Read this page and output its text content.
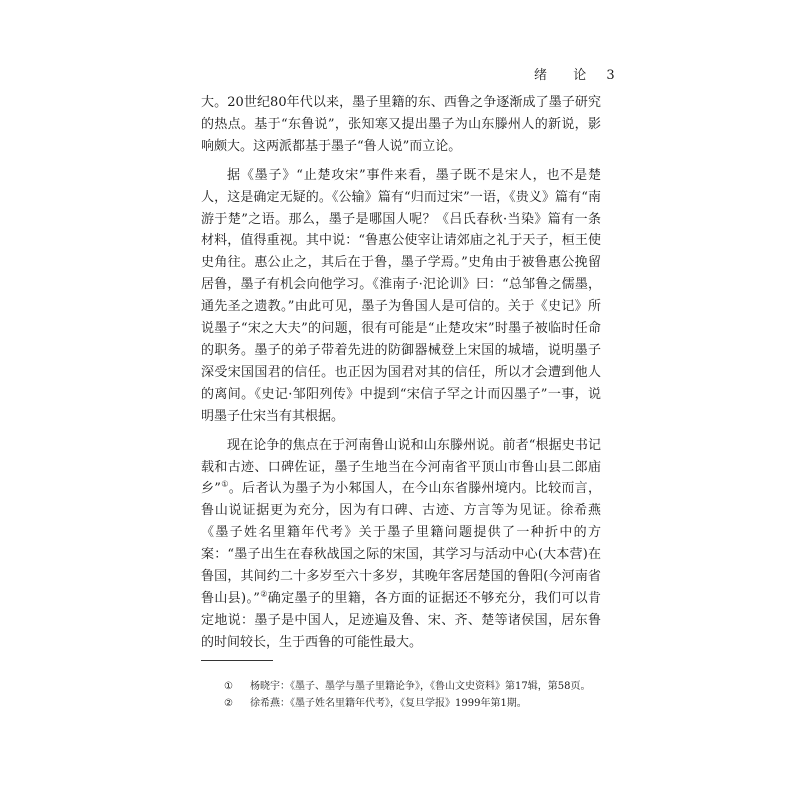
绪  论 3

大。20世纪80年代以来，墨子里籍的东、西鲁之争逐渐成了墨子研究的热点。基于“东鲁说”，张知寒又提出墨子为山东滕州人的新说，影响颇大。这两派都基于墨子“鲁人说”而立论。

据《墨子》“止楚攻宋”事件来看，墨子既不是宋人，也不是楚人，这是确定无疑的。《公输》篇有“归而过宋”一语，《贵义》篇有“南游于楚”之语。那么，墨子是哪国人呢？《吕氏春秋·当染》篇有一条材料，值得重视。其中说：“鲁惠公使宰让请郊庙之礼于天子，桓王使史角往。惠公止之，其后在于鲁，墨子学焉。”史角由于被鲁惠公挽留居鲁，墨子有机会向他学习。《淮南子·汜论训》曰：“总邹鲁之儒墨，通先圣之遗教。”由此可见，墨子为鲁国人是可信的。关于《史记》所说墨子“宋之大夫”的问题，很有可能是“止楚攻宋”时墨子被临时任命的职务。墨子的弟子带着先进的防御器械登上宋国的城墙，说明墨子深受宋国国君的信任。也正因为国君对其的信任，所以才会遭到他人的离间。《史记·邹阳列传》中提到“宋信子罕之计而囚墨子”一事，说明墨子仕宋当有其根据。

现在论争的焦点在于河南鲁山说和山东滕州说。前者“根据史书记载和古迹、口碑佐证，墨子生地当在今河南省平顶山市鲁山县二郎庙乡”①。后者认为墨子为小邾国人，在今山东省滕州境内。比较而言，鲁山说证据更为充分，因为有口碑、古迹、方言等为见证。徐希燕《墨子姓名里籍年代考》关于墨子里籍问题提供了一种折中的方案：“墨子出生在春秋战国之际的宋国，其学习与活动中心(大本营)在鲁国，其间约二十多岁至六十多岁，其晚年客居楚国的鲁阳(今河南省鲁山县)。”②确定墨子的里籍，各方面的证据还不够充分，我们可以肯定地说：墨子是中国人，足迹遍及鲁、宋、齐、楚等诸侯国，居东鲁的时间较长，生于西鲁的可能性最大。

①	杨晓宇：《墨子、墨学与墨子里籍论争》，《鲁山文史资料》第17辑，第58页。
②	徐希燕：《墨子姓名里籍年代考》，《复旦学报》1999年第1期。
